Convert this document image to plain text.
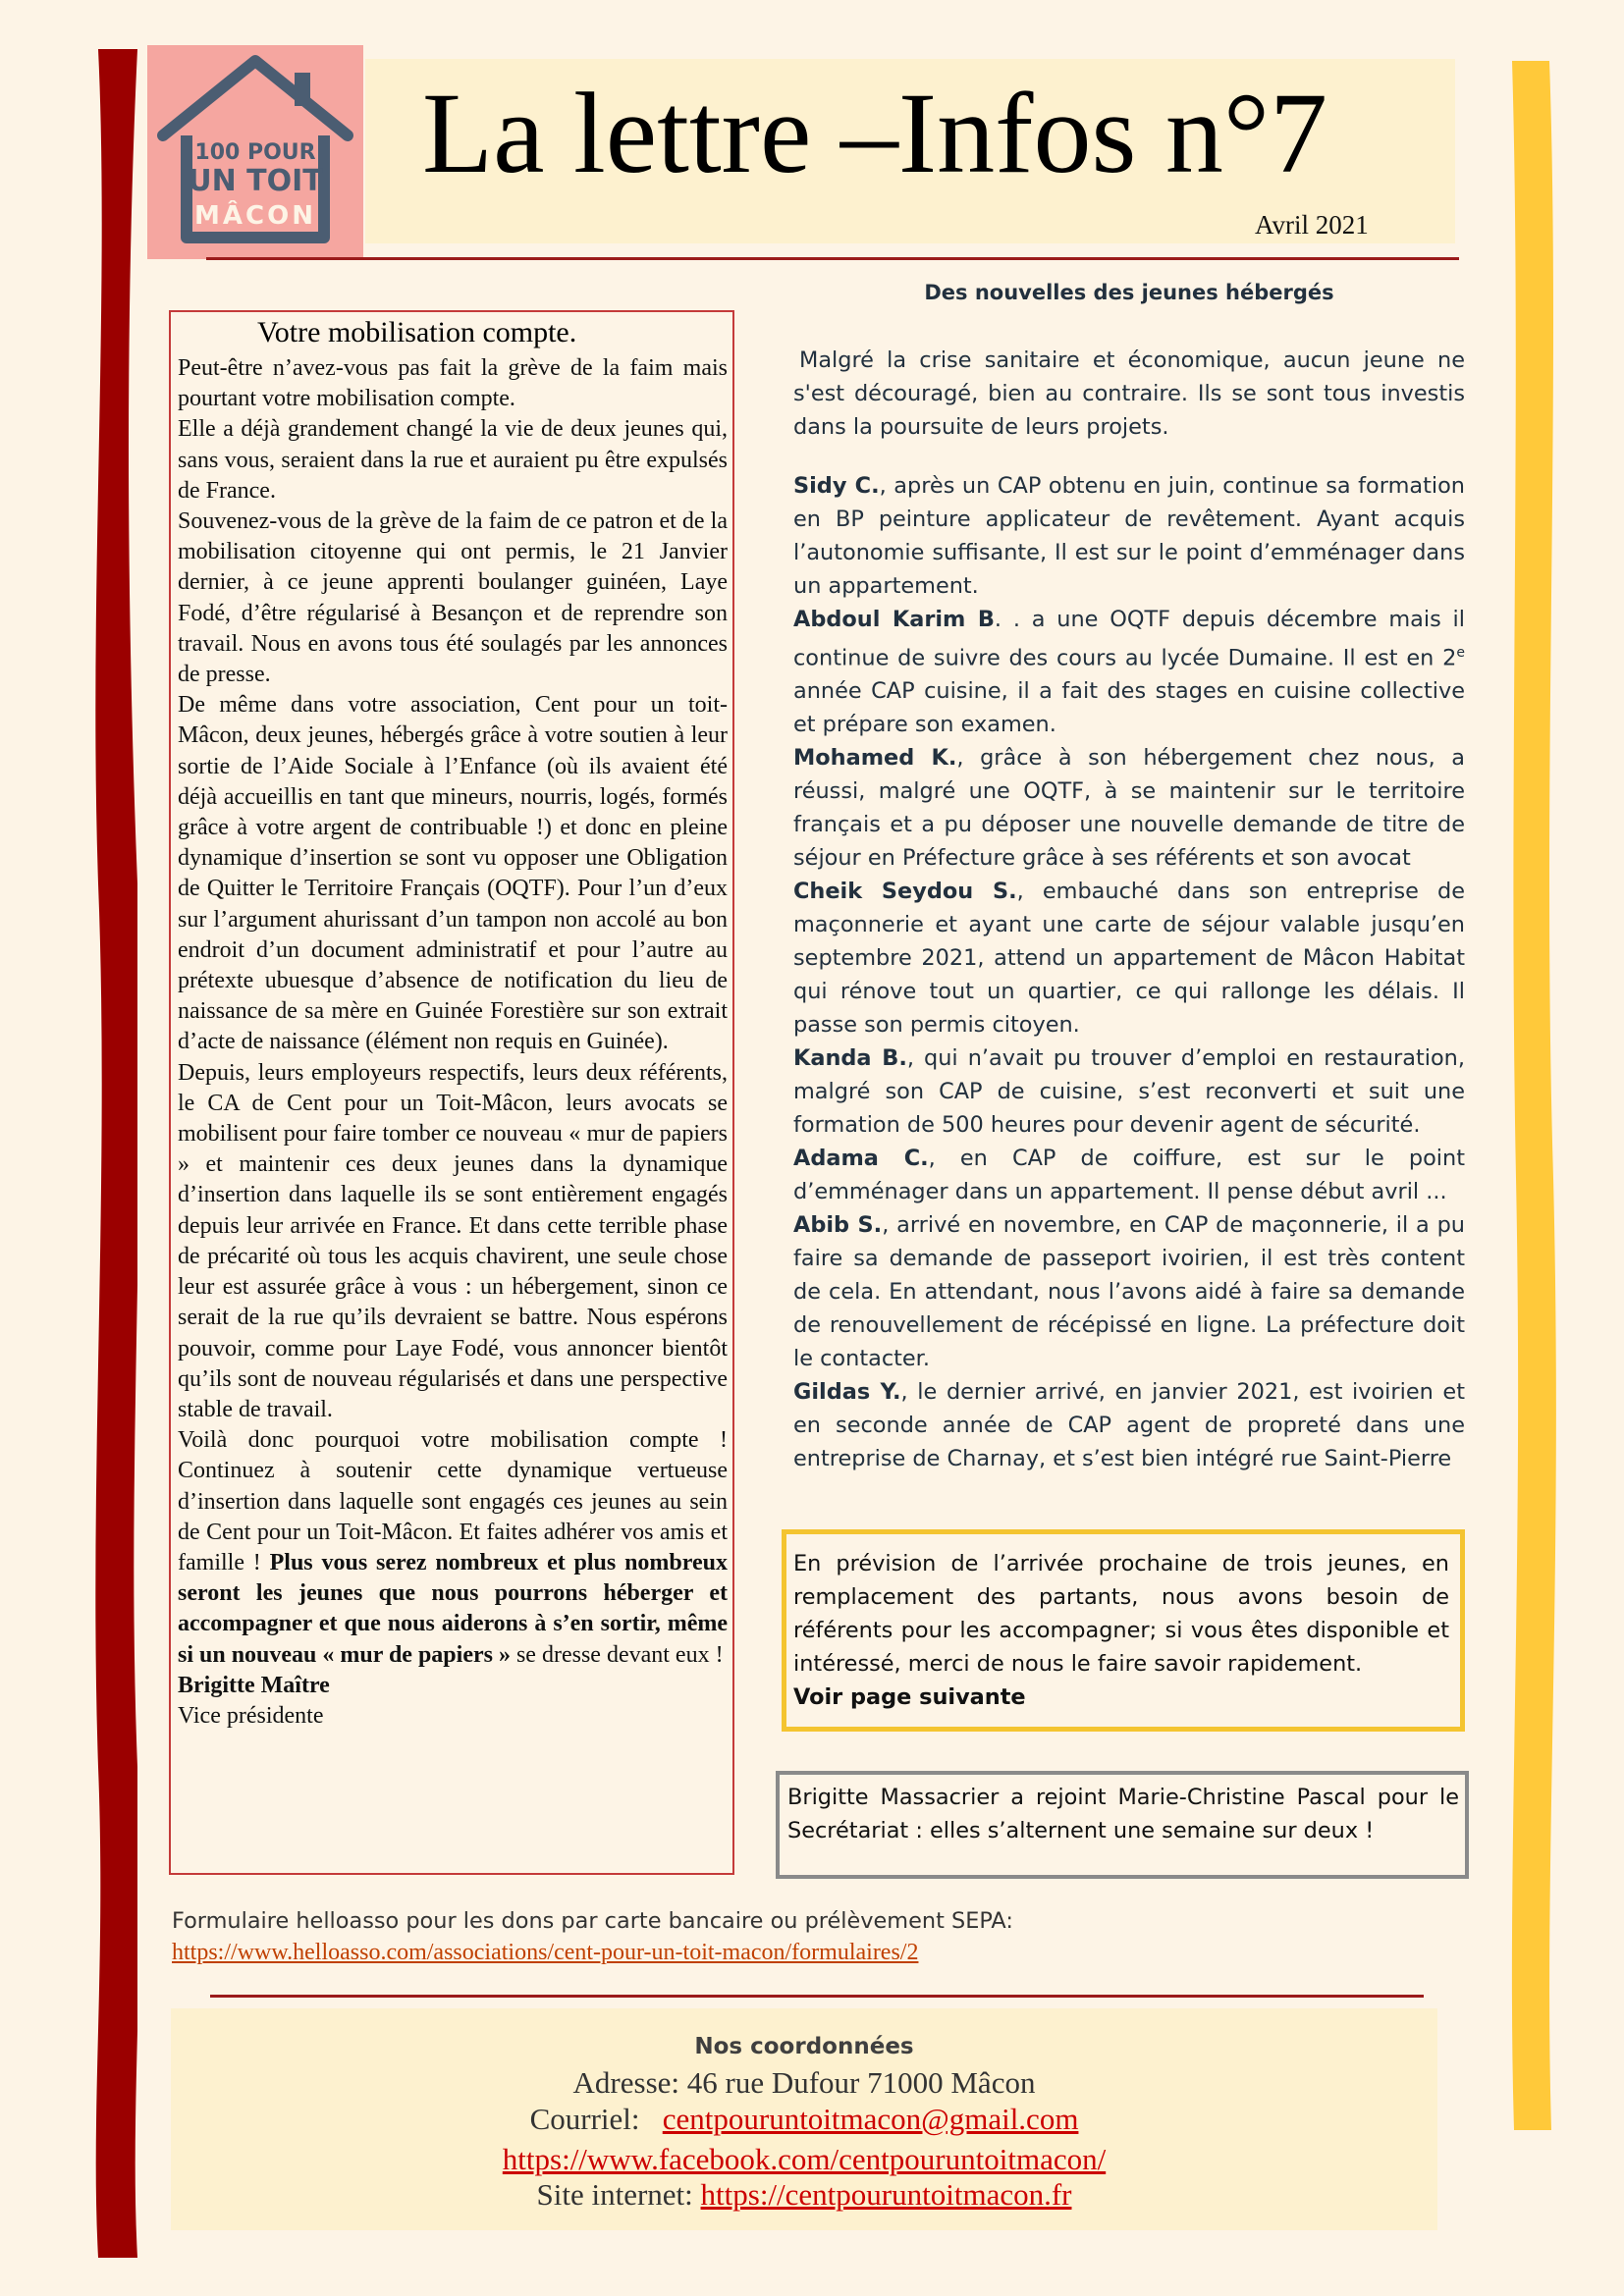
100 POUR
UN TOIT
MÂCON
La lettre –Infos n°7
Avril 2021
Votre mobilisation compte.

Peut-être n’avez-vous pas fait la grève de la faim mais pourtant votre mobilisation compte.

Elle a déjà grandement changé la vie de deux jeunes qui, sans vous, seraient dans la rue et auraient pu être expulsés de France.

Souvenez-vous de la grève de la faim de ce patron et de la mobilisation citoyenne qui ont permis, le 21 Janvier dernier, à ce jeune apprenti boulanger guinéen, Laye Fodé, d’être régularisé à Besançon et de reprendre son travail. Nous en avons tous été soulagés par les annonces de presse.

De même dans votre association, Cent pour un toit-Mâcon, deux jeunes, hébergés grâce à votre soutien à leur sortie de l’Aide Sociale à l’Enfance (où ils avaient été déjà accueillis en tant que mineurs, nourris, logés, formés grâce à votre argent de contribuable !) et donc en pleine dynamique d’insertion se sont vu opposer une Obligation de Quitter le Territoire Français (OQTF). Pour l’un d’eux sur l’argument ahurissant d’un tampon non accolé au bon endroit d’un document administratif et pour l’autre au prétexte ubuesque d’absence de notification du lieu de naissance de sa mère en Guinée Forestière sur son extrait d’acte de naissance (élément non requis en Guinée).

Depuis, leurs employeurs respectifs, leurs deux référents, le CA de Cent pour un Toit-Mâcon, leurs avocats se mobilisent pour faire tomber ce nouveau « mur de papiers » et maintenir ces deux jeunes dans la dynamique d’insertion dans laquelle ils se sont entièrement engagés depuis leur arrivée en France. Et dans cette terrible phase de précarité où tous les acquis chavirent, une seule chose leur est assurée grâce à vous : un hébergement, sinon ce serait de la rue qu’ils devraient se battre. Nous espérons pouvoir, comme pour Laye Fodé, vous annoncer bientôt qu’ils sont de nouveau régularisés et dans une perspective stable de travail.

Voilà donc pourquoi votre mobilisation compte ! Continuez à soutenir cette dynamique vertueuse d’insertion dans laquelle sont engagés ces jeunes au sein de Cent pour un Toit-Mâcon. Et faites adhérer vos amis et famille ! Plus vous serez nombreux et plus nombreux seront les jeunes que nous pourrons héberger et accompagner et que nous aiderons à s’en sortir, même si un nouveau « mur de papiers » se dresse devant eux !

Brigitte Maître

Vice présidente

Des nouvelles des jeunes hébergés

Malgré la crise sanitaire et économique, aucun jeune ne s'est découragé, bien au contraire. Ils se sont tous investis dans la poursuite de leurs projets.

Sidy C., après un CAP obtenu en juin, continue sa formation en BP peinture applicateur de revêtement. Ayant acquis l’autonomie suffisante, Il est sur le point d’emménager dans un appartement.

Abdoul Karim B. . a une OQTF depuis décembre mais il continue de suivre des cours au lycée Dumaine. Il est en 2e année CAP cuisine, il a fait des stages en cuisine collective et prépare son examen.

Mohamed K., grâce à son hébergement chez nous, a réussi, malgré une OQTF, à se maintenir sur le territoire français et a pu déposer une nouvelle demande de titre de séjour en Préfecture grâce à ses référents et son avocat

Cheik Seydou S., embauché dans son entreprise de maçonnerie et ayant une carte de séjour valable jusqu’en septembre 2021, attend un appartement de Mâcon Habitat qui rénove tout un quartier, ce qui rallonge les délais. Il passe son permis citoyen.

Kanda B., qui n’avait pu trouver d’emploi en restauration, malgré son CAP de cuisine, s’est reconverti et suit une formation de 500 heures pour devenir agent de sécurité.

Adama C., en CAP de coiffure, est sur le point d’emménager dans un appartement. Il pense début avril ...

Abib S., arrivé en novembre, en CAP de maçonnerie, il a pu faire sa demande de passeport ivoirien, il est très content de cela. En attendant, nous l’avons aidé à faire sa demande de renouvellement de récépissé en ligne. La préfecture doit le contacter.

Gildas Y., le dernier arrivé, en janvier 2021, est ivoirien et en seconde année de CAP agent de propreté dans une entreprise de Charnay, et s’est bien intégré rue Saint-Pierre

En prévision de l’arrivée prochaine de trois jeunes, en remplacement des partants, nous avons besoin de référents pour les accompagner; si vous êtes disponible et intéressé, merci de nous le faire savoir rapidement.

Voir page suivante

Brigitte Massacrier a rejoint Marie-Christine Pascal pour le Secrétariat : elles s’alternent une semaine sur deux !
Formulaire helloasso pour les dons par carte bancaire ou prélèvement SEPA:
https://www.helloasso.com/associations/cent-pour-un-toit-macon/formulaires/2
Nos coordonnées
Adresse: 46 rue Dufour 71000 Mâcon
Courriel: centpouruntoitmacon@gmail.com
https://www.facebook.com/centpouruntoitmacon/
Site internet: https://centpouruntoitmacon.fr
